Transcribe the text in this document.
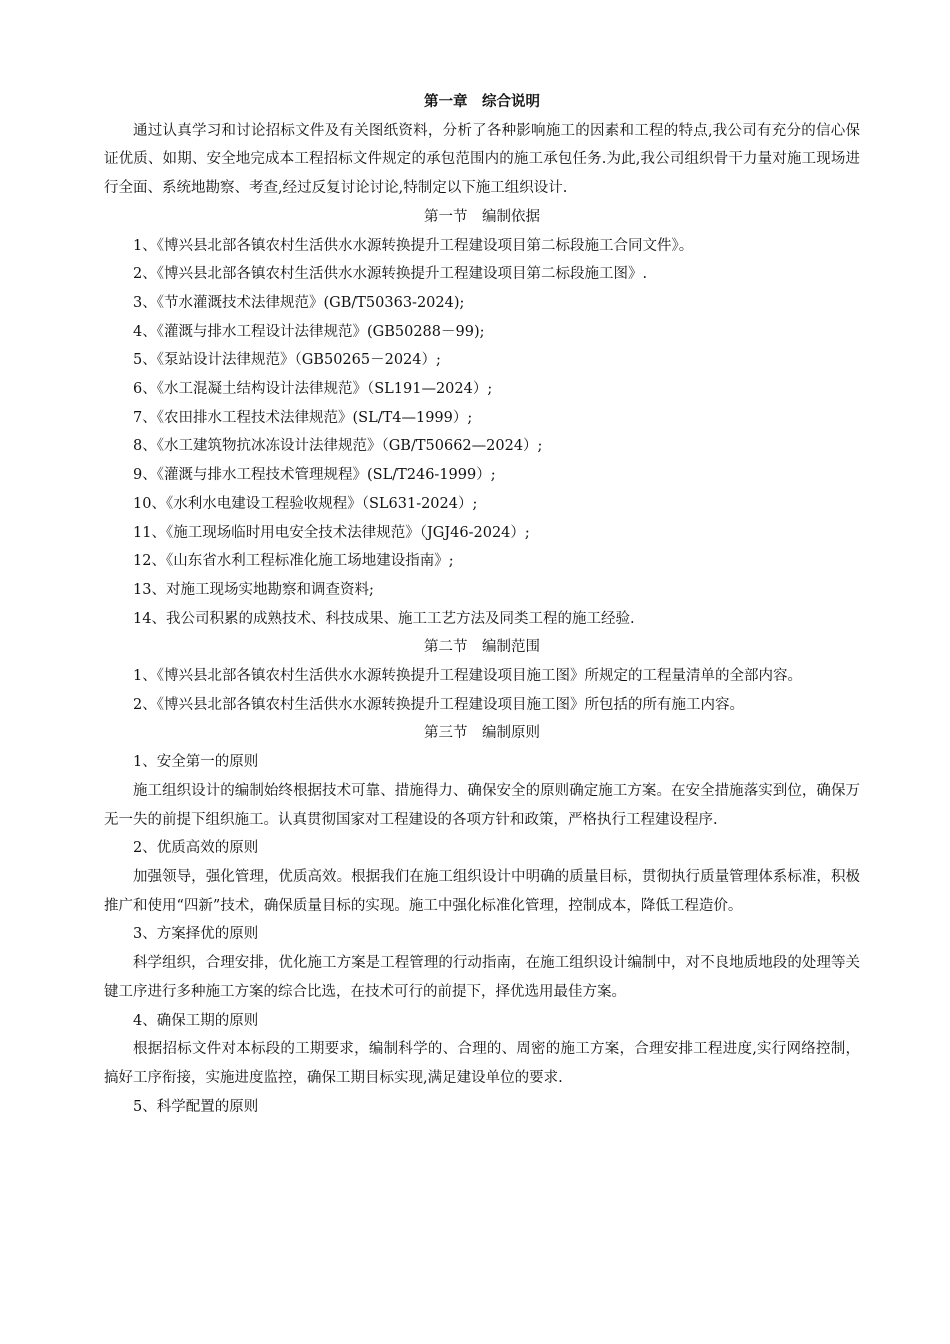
第一章　综合说明

通过认真学习和讨论招标文件及有关图纸资料，分析了各种影响施工的因素和工程的特点,我公司有充分的信心保证优质、如期、安全地完成本工程招标文件规定的承包范围内的施工承包任务.为此,我公司组织骨干力量对施工现场进行全面、系统地勘察、考查,经过反复讨论讨论,特制定以下施工组织设计.

第一节　编制依据

1、《博兴县北部各镇农村生活供水水源转换提升工程建设项目第二标段施工合同文件》。

2、《博兴县北部各镇农村生活供水水源转换提升工程建设项目第二标段施工图》.

3、《节水灌溉技术法律规范》(GB/T50363-2024);

4、《灌溉与排水工程设计法律规范》(GB50288－99);

5、《泵站设计法律规范》（GB50265－2024）;

6、《水工混凝土结构设计法律规范》（SL191—2024）;

7、《农田排水工程技术法律规范》(SL/T4—1999）;

8、《水工建筑物抗冰冻设计法律规范》（GB/T50662—2024）;

9、《灌溉与排水工程技术管理规程》(SL/T246-1999）;

10、《水利水电建设工程验收规程》（SL631-2024）;

11、《施工现场临时用电安全技术法律规范》（JGJ46-2024）;

12、《山东省水利工程标准化施工场地建设指南》;

13、对施工现场实地勘察和调查资料;

14、我公司积累的成熟技术、科技成果、施工工艺方法及同类工程的施工经验.

第二节　编制范围

1、《博兴县北部各镇农村生活供水水源转换提升工程建设项目施工图》所规定的工程量清单的全部内容。

2、《博兴县北部各镇农村生活供水水源转换提升工程建设项目施工图》所包括的所有施工内容。

第三节　编制原则

1、安全第一的原则

施工组织设计的编制始终根据技术可靠、措施得力、确保安全的原则确定施工方案。在安全措施落实到位，确保万无一失的前提下组织施工。认真贯彻国家对工程建设的各项方针和政策，严格执行工程建设程序.

2、优质高效的原则

加强领导，强化管理，优质高效。根据我们在施工组织设计中明确的质量目标，贯彻执行质量管理体系标准，积极推广和使用“四新”技术，确保质量目标的实现。施工中强化标准化管理，控制成本，降低工程造价。

3、方案择优的原则

科学组织，合理安排，优化施工方案是工程管理的行动指南，在施工组织设计编制中，对不良地质地段的处理等关键工序进行多种施工方案的综合比选，在技术可行的前提下，择优选用最佳方案。

4、确保工期的原则

根据招标文件对本标段的工期要求，编制科学的、合理的、周密的施工方案，合理安排工程进度,实行网络控制，搞好工序衔接，实施进度监控，确保工期目标实现,满足建设单位的要求.

5、科学配置的原则
